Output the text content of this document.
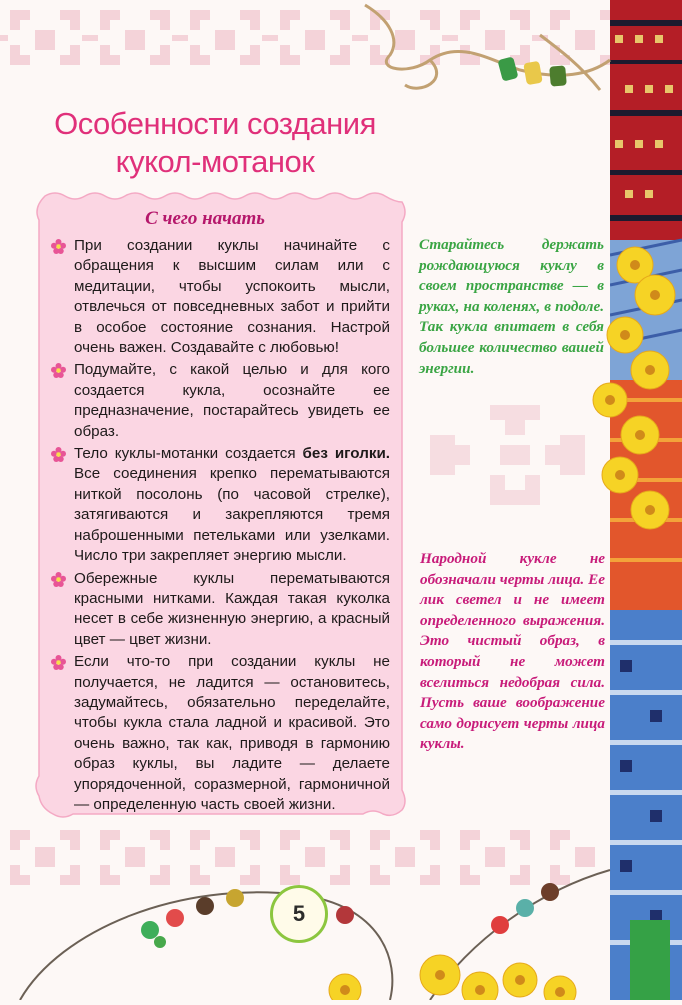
Особенности создания
кукол-мотанок
С чего начать
При создании куклы начинайте с обращения к высшим силам или с медитации, чтобы успокоить мысли, отвлечься от повседневных забот и прийти в особое состояние сознания. Настрой очень важен. Создавайте с любовью!
Подумайте, с какой целью и для кого создается кукла, осознайте ее предназначение, постарайтесь увидеть ее образ.
Тело куклы-мотанки создается без иголки. Все соединения крепко перематываются ниткой посолонь (по часовой стрелке), затягиваются и закрепляются тремя наброшенными петельками или узелками. Число три закрепляет энергию мысли.
Обережные куклы перематываются красными нитками. Каждая такая куколка несет в себе жизненную энергию, а красный цвет — цвет жизни.
Если что-то при создании куклы не получается, не ладится — остановитесь, задумайтесь, обязательно переделайте, чтобы кукла стала ладной и красивой. Это очень важно, так как, приводя в гармонию образ куклы, вы ладите — делаете упорядоченной, соразмерной, гармоничной — определенную часть своей жизни.
Старайтесь держать рождающуюся куклу в своем пространстве — в руках, на коленях, в подоле. Так кукла впитает в себя большее количество вашей энергии.
Народной кукле не обозначали черты лица. Ее лик светел и не имеет определенного выражения. Это чистый образ, в который не может вселиться недобрая сила. Пусть ваше воображение само дорисует черты лица куклы.
5
